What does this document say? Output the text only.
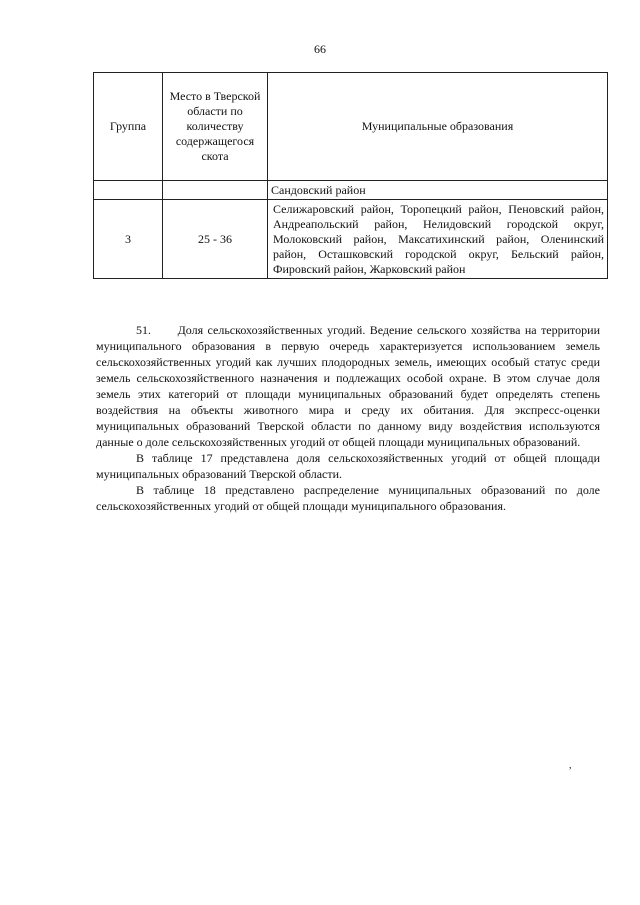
66
Группа	Место в Тверской области по количеству содержащегося скота	Муниципальные образования
		Сандовский район
3	25 - 36	Селижаровский район, Торопецкий район, Пеновский район, Андреапольский район, Нелидовский городской округ, Молоковский район, Максатихинский район, Оленинский район, Осташковский городской округ, Бельский район, Фировский район, Жарковский район

51.      Доля сельскохозяйственных угодий. Ведение сельского хозяйства на территории муниципального образования в первую очередь характеризуется использованием земель сельскохозяйственных угодий как лучших плодородных земель, имеющих особый статус среди земель сельскохозяйственного назначения и подлежащих особой охране. В этом случае доля земель этих категорий от площади муниципальных образований будет определять степень воздействия на объекты животного мира и среду их обитания. Для экспресс-оценки муниципальных образований Тверской области по данному виду воздействия используются данные о доле сельскохозяйственных угодий от общей площади муниципальных образований.

В таблице 17 представлена доля сельскохозяйственных угодий от общей площади муниципальных образований Тверской области.

В таблице 18 представлено распределение муниципальных образований по доле сельскохозяйственных угодий от общей площади муниципального образования.

,
